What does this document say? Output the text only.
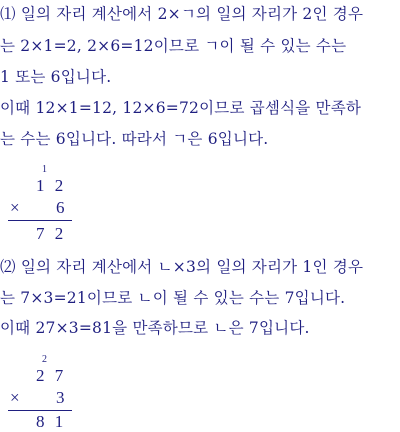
⑴ 일의 자리 계산에서 2×ㄱ의 일의 자리가 2인 경우
는 2×1=2, 2×6=12이므로 ㄱ이 될 수 있는 수는
1 또는 6입니다.
이때 12×1=12, 12×6=72이므로 곱셈식을 만족하
는 수는 6입니다. 따라서 ㄱ은 6입니다.
1
1 2
× 6
7 2
⑵ 일의 자리 계산에서 ㄴ×3의 일의 자리가 1인 경우
는 7×3=21이므로 ㄴ이 될 수 있는 수는 7입니다.
이때 27×3=81을 만족하므로 ㄴ은 7입니다.
2
2 7
× 3
8 1
